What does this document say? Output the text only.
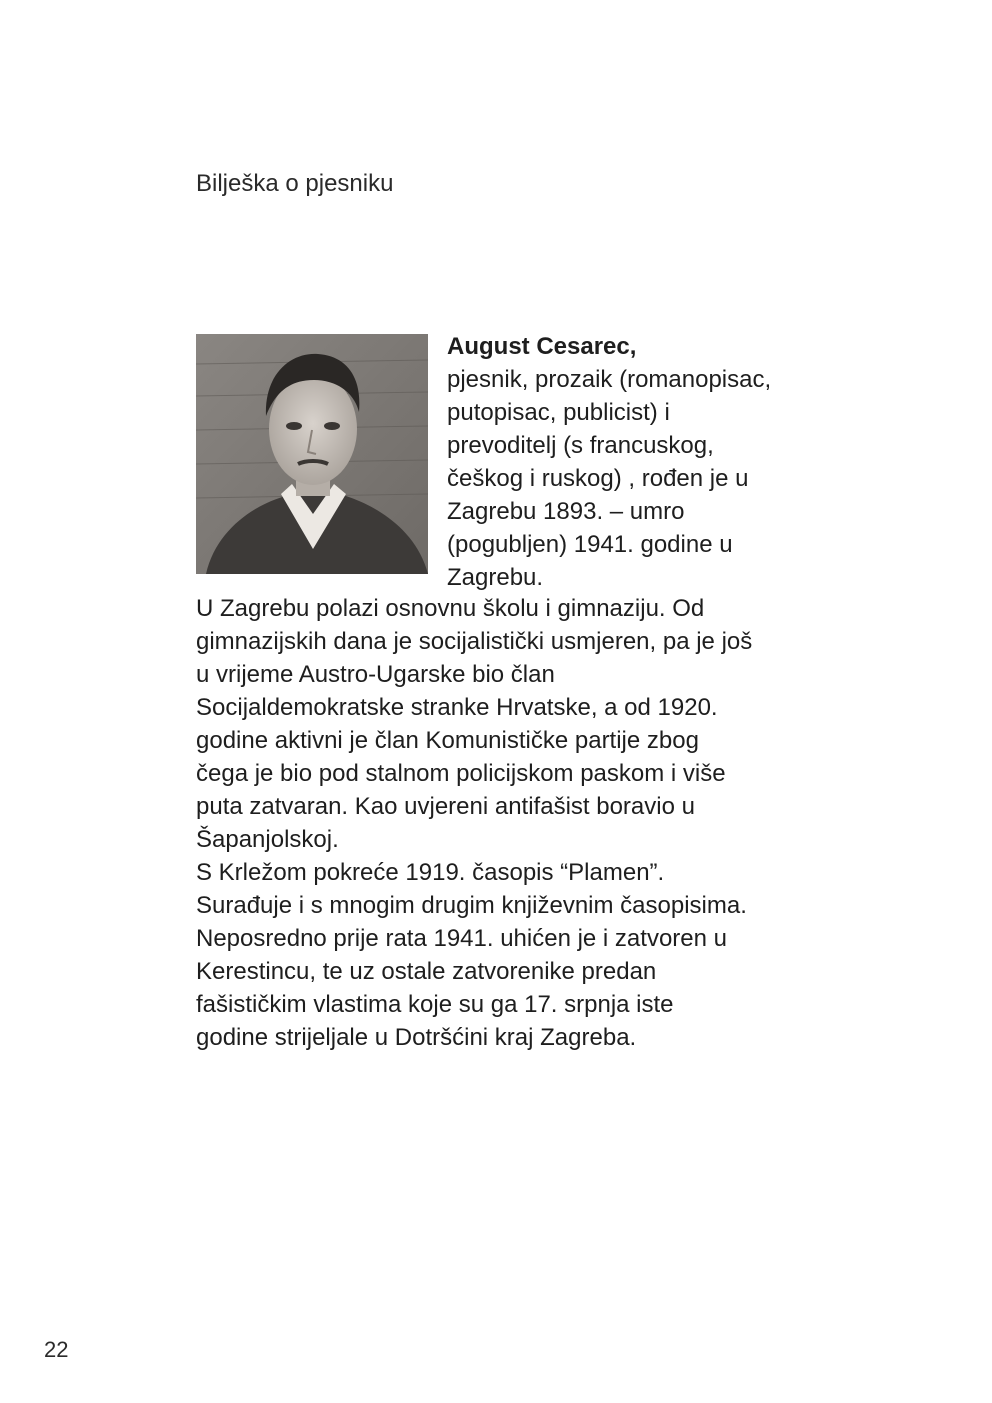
Bilješka o pjesniku
August Cesarec,
pjesnik, prozaik (romanopisac,
putopisac, publicist) i
prevoditelj (s francuskog,
češkog i ruskog) , rođen je u
Zagrebu 1893. – umro
(pogubljen) 1941. godine u
Zagrebu.
U Zagrebu polazi osnovnu školu i gimnaziju. Od
gimnazijskih dana je socijalistički usmjeren, pa je još
u vrijeme Austro-Ugarske bio član
Socijaldemokratske stranke Hrvatske, a od 1920.
godine aktivni je član Komunističke partije zbog
čega je bio pod stalnom policijskom paskom i više
puta zatvaran. Kao uvjereni antifašist boravio u
Šapanjolskoj.
S Krležom pokreće 1919. časopis “Plamen”.
Surađuje i s mnogim drugim književnim časopisima.
Neposredno prije rata 1941. uhićen je i zatvoren u
Kerestincu, te uz ostale zatvorenike predan
fašističkim vlastima koje su ga 17. srpnja iste
godine strijeljale u Dotršćini kraj Zagreba.
22
